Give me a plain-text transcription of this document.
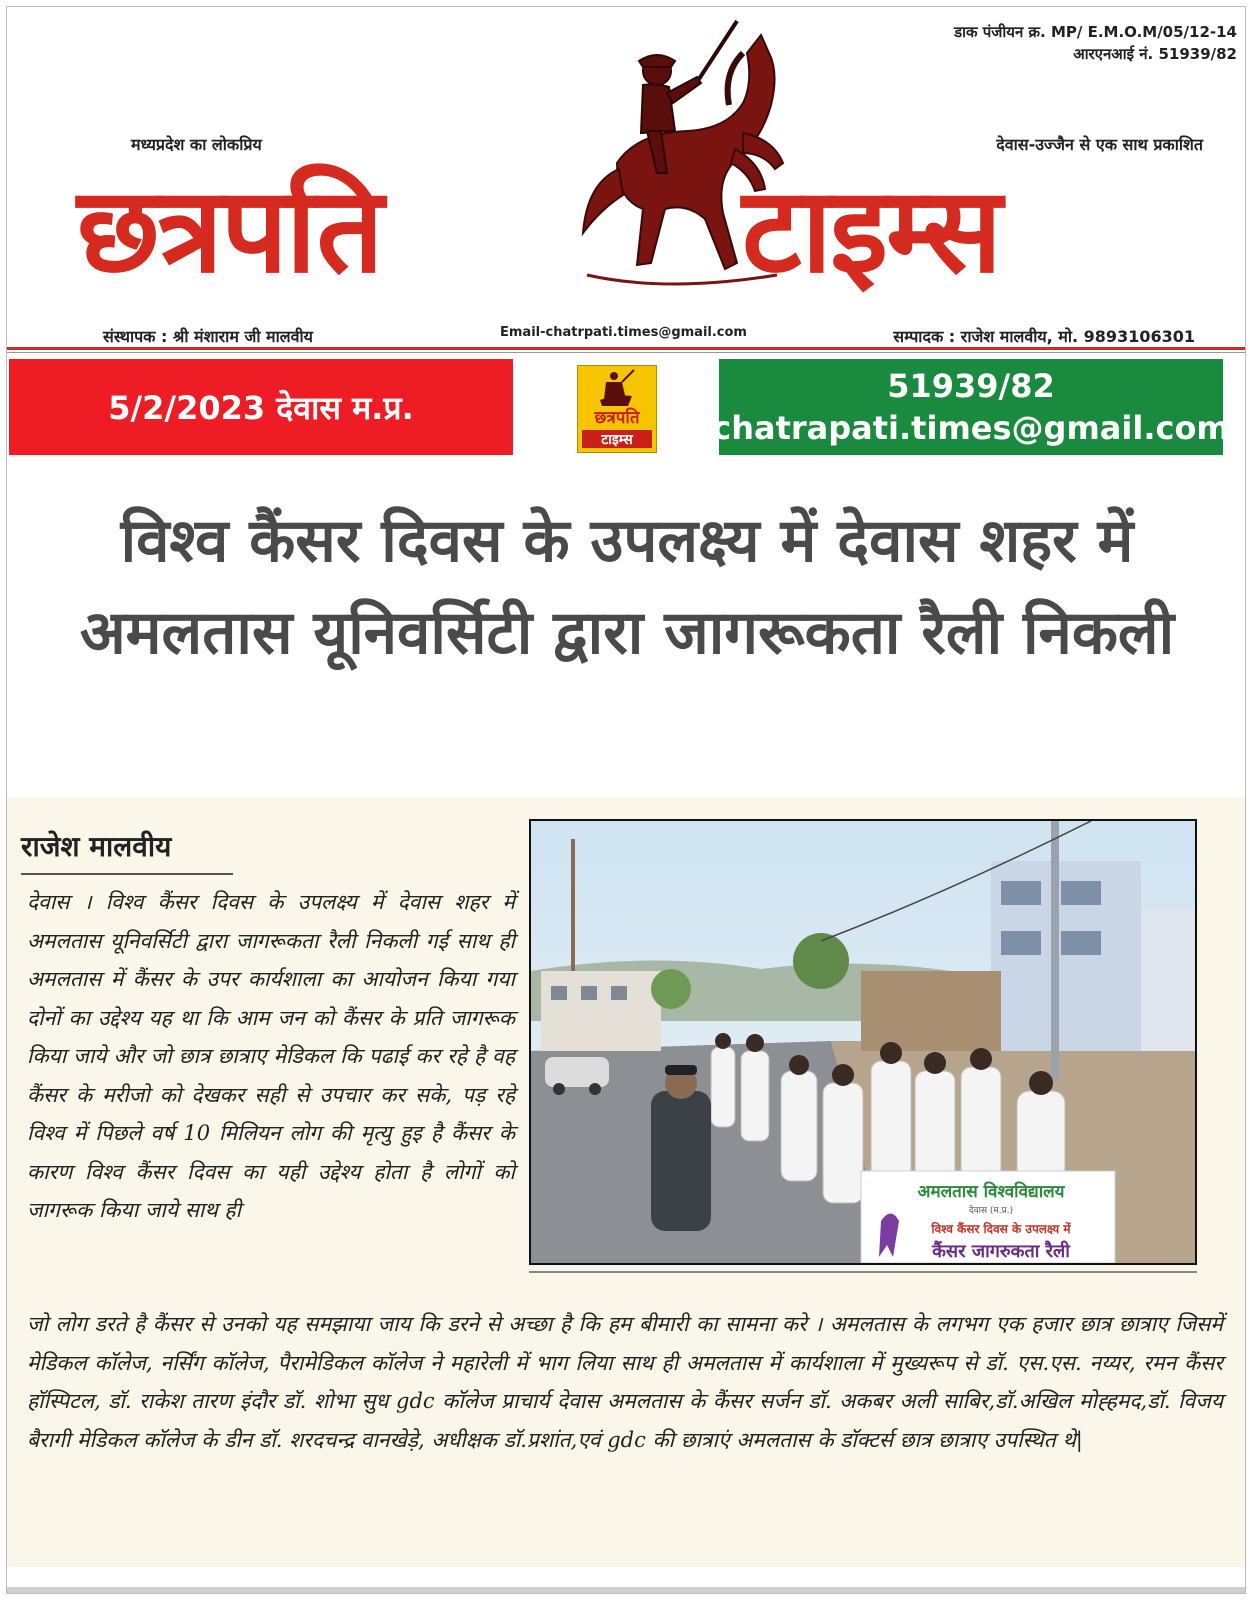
डाक पंजीयन क्र. MP/ E.M.O.M/05/12-14
आरएनआई नं. 51939/82
मध्यप्रदेश का लोकप्रिय	देवास-उज्जैन से एक साथ प्रकाशित
छत्रपति	टाइम्स
संस्थापक : श्री मंशाराम जी मालवीय	Email-chatrpati.times@gmail.com	सम्पादक : राजेश मालवीय, मो. 9893106301
5/2/2023 देवास म.प्र.	छत्रपति
टाइम्स
51939/82
chatrapati.times@gmail.com
विश्व कैंसर दिवस के उपलक्ष्य में देवास शहर में अमलतास यूनिवर्सिटी द्वारा जागरूकता रैली निकली
राजेश मालवीय
देवास । विश्व कैंसर दिवस के उपलक्ष्य में देवास शहर में अमलतास यूनिवर्सिटी द्वारा जागरूकता रैली निकली गई साथ ही अमलतास में कैंसर के उपर कार्यशाला का आयोजन किया गया दोनों का उद्देश्य यह था कि आम जन को कैंसर के प्रति जागरूक किया जाये और जो छात्र छात्राए मेडिकल कि पढाई कर रहे है वह कैंसर के मरीजो को देखकर सही से उपचार कर सके, पड़ रहे विश्व में पिछले वर्ष 10 मिलियन लोग की मृत्यु हुइ है कैंसर के कारण विश्व कैंसर दिवस का यही उद्देश्य होता है लोगों को जागरूक किया जाये साथ ही
अमलतास विश्वविद्यालय
देवास (म.प्र.)
विश्व कैंसर दिवस के उपलक्ष्य में
कैंसर जागरुकता रैली
जो लोग डरते है कैंसर से उनको यह समझाया जाय कि डरने से अच्छा है कि हम बीमारी का सामना करे । अमलतास के लगभग एक हजार छात्र छात्राए जिसमें मेडिकल कॉलेज, नर्सिंग कॉलेज, पैरामेडिकल कॉलेज ने महारेली में भाग लिया साथ ही अमलतास में कार्यशाला में मुख्यरूप से डॉ. एस.एस. नय्यर, रमन कैंसर हॉस्पिटल, डॉ. राकेश तारण इंदौर डॉ. शोभा सुध gdc कॉलेज प्राचार्य देवास अमलतास के कैंसर सर्जन डॉ. अकबर अली साबिर,डॉ.अखिल मोह्हमद,डॉ. विजय बैरागी मेडिकल कॉलेज के डीन डॉ. शरदचन्द्र वानखेड़े, अधीक्षक डॉ.प्रशांत,एवं gdc की छात्राएं अमलतास के डॉक्टर्स छात्र छात्राए उपस्थित थे|
